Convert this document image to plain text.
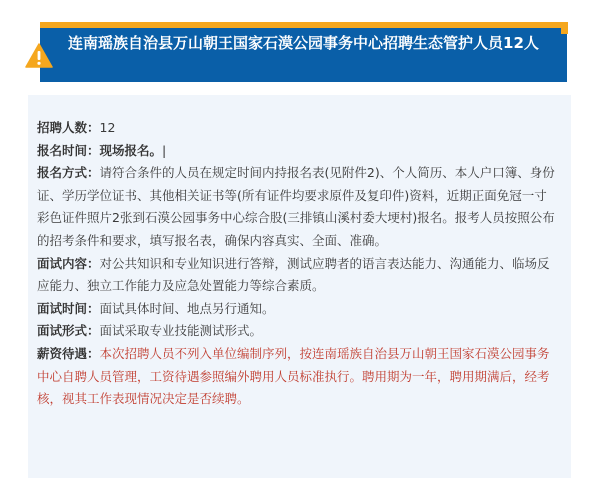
连南瑶族自治县万山朝王国家石漠公园事务中心招聘生态管护人员12人

招聘人数：12

报名时间：现场报名。|

报名方式：请符合条件的人员在规定时间内持报名表(见附件2)、个人简历、本人户口簿、身份证、学历学位证书、其他相关证书等(所有证件均要求原件及复印件)资料，近期正面免冠一寸彩色证件照片2张到石漠公园事务中心综合股(三排镇山溪村委大埂村)报名。报考人员按照公布的招考条件和要求，填写报名表，确保内容真实、全面、准确。

面试内容：对公共知识和专业知识进行答辩，测试应聘者的语言表达能力、沟通能力、临场反应能力、独立工作能力及应急处置能力等综合素质。

面试时间：面试具体时间、地点另行通知。

面试形式：面试采取专业技能测试形式。

薪资待遇：本次招聘人员不列入单位编制序列，按连南瑶族自治县万山朝王国家石漠公园事务中心自聘人员管理，工资待遇参照编外聘用人员标准执行。聘用期为一年，聘用期满后，经考核，视其工作表现情况决定是否续聘。
